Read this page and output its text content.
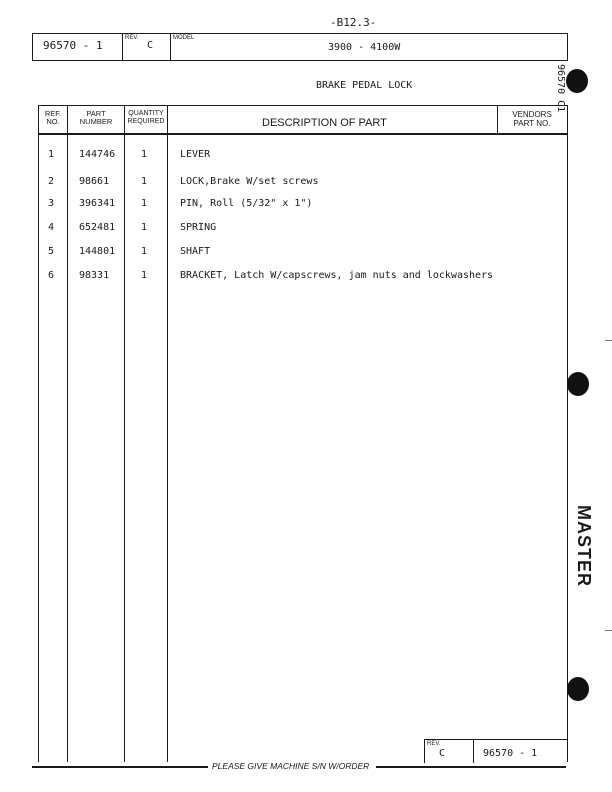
-B12.3-
96570 - 1
REV.
C
MODEL
3900 - 4100W
96570 C1
BRAKE PEDAL LOCK
REF.
NO.
PART
NUMBER
QUANTITY
REQUIRED	DESCRIPTION OF PART
VENDORS
PART NO.
1 144746	1	LEVER
2 98661	1	LOCK,Brake W/set screws
3 396341	1	PIN, Roll (5/32" x 1")
4 652481	1	SPRING
5 144801	1	SHAFT
6 98331	1	BRACKET, Latch W/capscrews, jam nuts and lockwashers
REV.
C	96570 - 1
PLEASE GIVE MACHINE S/N W/ORDER
MASTER
